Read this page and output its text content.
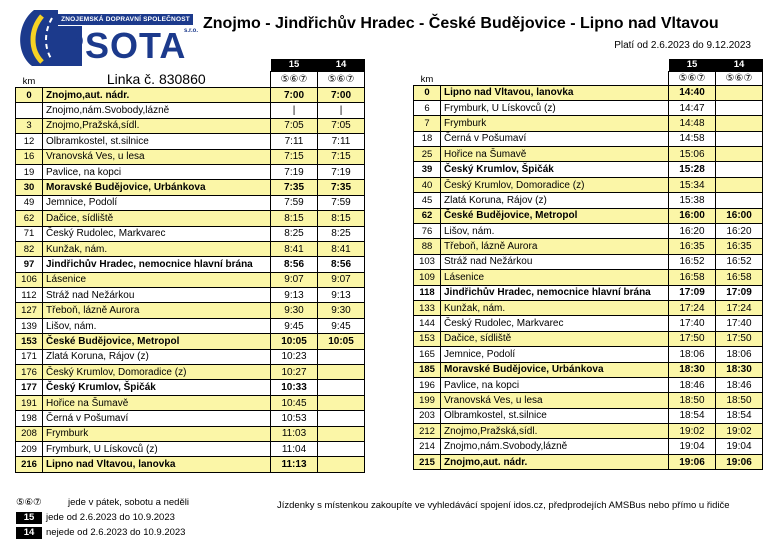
ZNOJEMSKÁ DOPRAVNÍ SPOLEČNOST
PSOTA
s.r.o. Znojmo - Jindřichův Hradec - České Budějovice - Lipno nad Vltavou
Platí od 2.6.2023 do 9.12.2023
		15	14
km	Linka č. 830860	⑤⑥⑦	⑤⑥⑦
0	Znojmo,aut. nádr.	7:00	7:00
	Znojmo,nám.Svobody,lázně	|	|
3	Znojmo,Pražská,sídl.	7:05	7:05
12	Olbramkostel, st.silnice	7:11	7:11
16	Vranovská Ves, u lesa	7:15	7:15
19	Pavlice, na kopci	7:19	7:19
30	Moravské Budějovice, Urbánkova	7:35	7:35
49	Jemnice, Podolí	7:59	7:59
62	Dačice, sídliště	8:15	8:15
71	Český Rudolec, Markvarec	8:25	8:25
82	Kunžak, nám.	8:41	8:41
97	Jindřichův Hradec, nemocnice hlavní brána	8:56	8:56
106	Lásenice	9:07	9:07
112	Stráž nad Nežárkou	9:13	9:13
127	Třeboň, lázně Aurora	9:30	9:30
139	Lišov, nám.	9:45	9:45
153	České Budějovice, Metropol	10:05	10:05
171	Zlatá Koruna, Rájov (z)	10:23	
176	Český Krumlov, Domoradice (z)	10:27	
177	Český Krumlov, Špičák	10:33	
191	Hořice na Šumavě	10:45	
198	Černá v Pošumaví	10:53	
208	Frymburk	11:03	
209	Frymburk, U Lískovců (z)	11:04	
216	Lipno nad Vltavou, lanovka	11:13	
		15	14
km		⑤⑥⑦	⑤⑥⑦
0	Lipno nad Vltavou, lanovka	14:40	
6	Frymburk, U Lískovců (z)	14:47	
7	Frymburk	14:48	
18	Černá v Pošumaví	14:58	
25	Hořice na Šumavě	15:06	
39	Český Krumlov, Špičák	15:28	
40	Český Krumlov, Domoradice (z)	15:34	
45	Zlatá Koruna, Rájov (z)	15:38	
62	České Budějovice, Metropol	16:00	16:00
76	Lišov, nám.	16:20	16:20
88	Třeboň, lázně Aurora	16:35	16:35
103	Stráž nad Nežárkou	16:52	16:52
109	Lásenice	16:58	16:58
118	Jindřichův Hradec, nemocnice hlavní brána	17:09	17:09
133	Kunžak, nám.	17:24	17:24
144	Český Rudolec, Markvarec	17:40	17:40
153	Dačice, sídliště	17:50	17:50
165	Jemnice, Podolí	18:06	18:06
185	Moravské Budějovice, Urbánkova	18:30	18:30
196	Pavlice, na kopci	18:46	18:46
199	Vranovská Ves, u lesa	18:50	18:50
203	Olbramkostel, st.silnice	18:54	18:54
212	Znojmo,Pražská,sídl.	19:02	19:02
214	Znojmo,nám.Svobody,lázně	19:04	19:04
215	Znojmo,aut. nádr.	19:06	19:06
⑤⑥⑦	jede v pátek, sobotu a neděli
15 jede od 2.6.2023 do 10.9.2023
14 nejede od 2.6.2023 do 10.9.2023
Jízdenky s místenkou zakoupíte ve vyhledávácí spojení idos.cz, předprodejích AMSBus nebo přímo u řidiče
